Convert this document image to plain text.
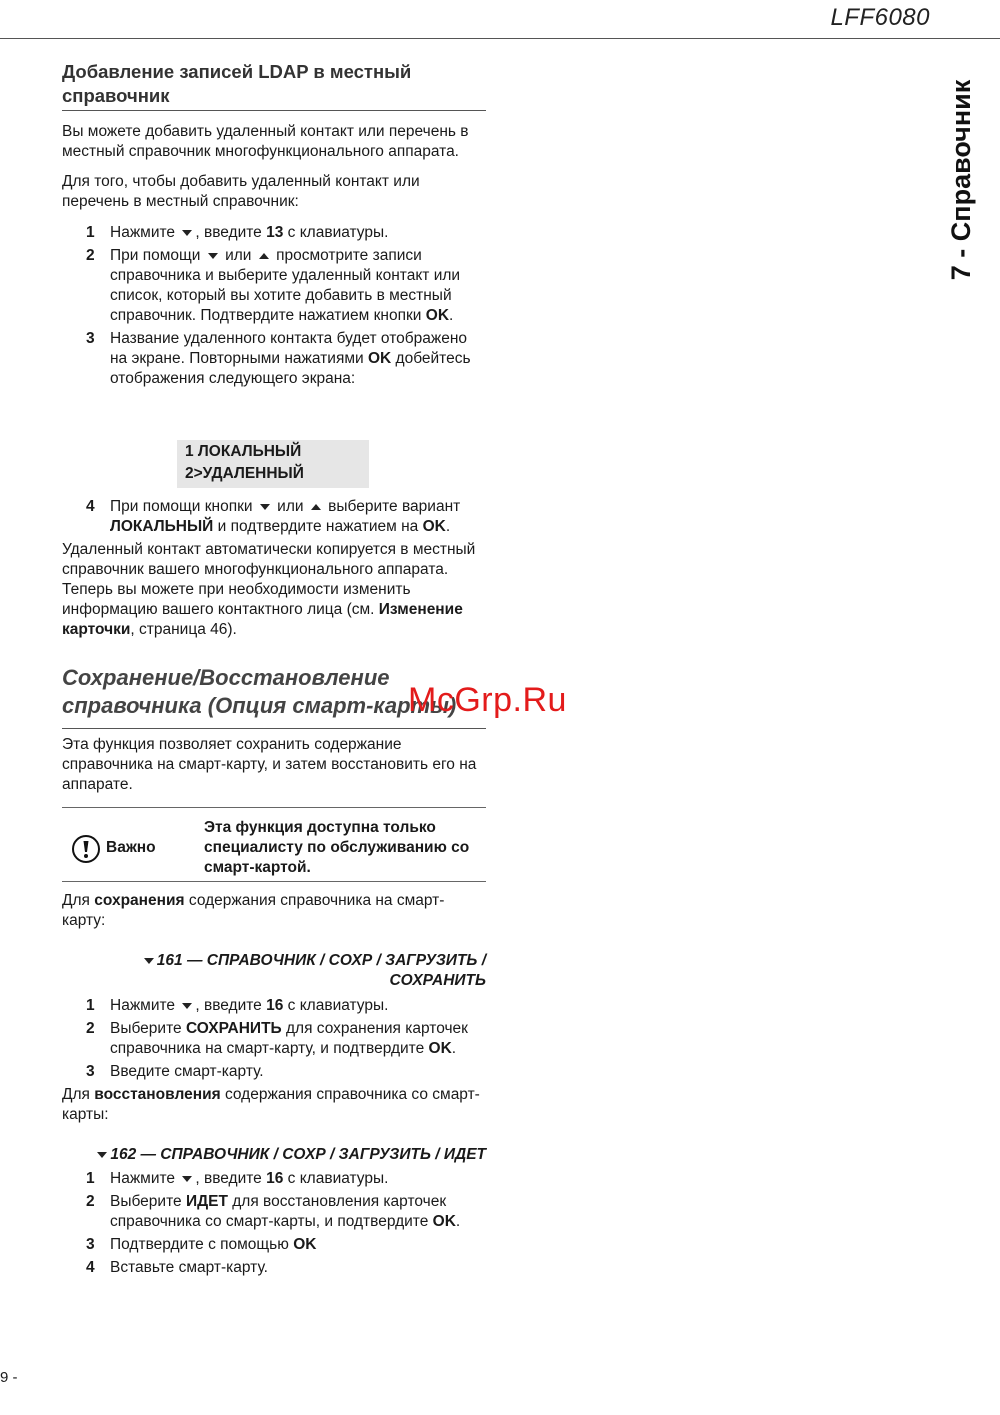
LFF6080
7 - Справочник
Добавление записей LDAP в местный справочник

Вы можете добавить удаленный контакт или перечень в местный справочник многофункционального аппарата.

Для того, чтобы добавить удаленный контакт или перечень в местный справочник:

1 Нажмите , введите 13 с клавиатуры.
2 При помощи или просмотрите записи справочника и выберите удаленный контакт или список, который вы хотите добавить в местный справочник. Подтвердите нажатием кнопки OK.
3 Название удаленного контакта будет отображено на экране. Повторными нажатиями OK добейтесь отображения следующего экрана:
1 ЛОКАЛЬНЫЙ
2>УДАЛЕННЫЙ
4 При помощи кнопки или выберите вариант ЛОКАЛЬНЫЙ и подтвердите нажатием на OK.

Удаленный контакт автоматически копируется в местный справочник вашего многофункционального аппарата. Теперь вы можете при необходимости изменить информацию вашего контактного лица (см. Изменение карточки, страница 46).

Сохранение/Восстановление справочника (Опция смарт-карты)

Эта функция позволяет сохранить содержание справочника на смарт-карту, и затем восстановить его на аппарате.

Важно
Эта функция доступна только специалисту по обслуживанию со смарт-картой.

Для сохранения содержания справочника на смарт-карту:

161 — СПРАВОЧНИК / СОХР / ЗАГРУЗИТЬ /
СОХРАНИТЬ
1 Нажмите , введите 16 с клавиатуры.
2 Выберите СОХРАНИТЬ для сохранения карточек справочника на смарт-карту, и подтвердите OK.
3 Введите смарт-карту.

Для восстановления содержания справочника со смарт-карты:

162 — СПРАВОЧНИК / СОХР / ЗАГРУЗИТЬ / ИДЕТ
1 Нажмите , введите 16 с клавиатуры.
2 Выберите ИДЕТ для восстановления карточек справочника со смарт-карты, и подтвердите OK.
3 Подтвердите с помощью OK
4 Вставьте смарт-карту.
McGrp.Ru
9 -
